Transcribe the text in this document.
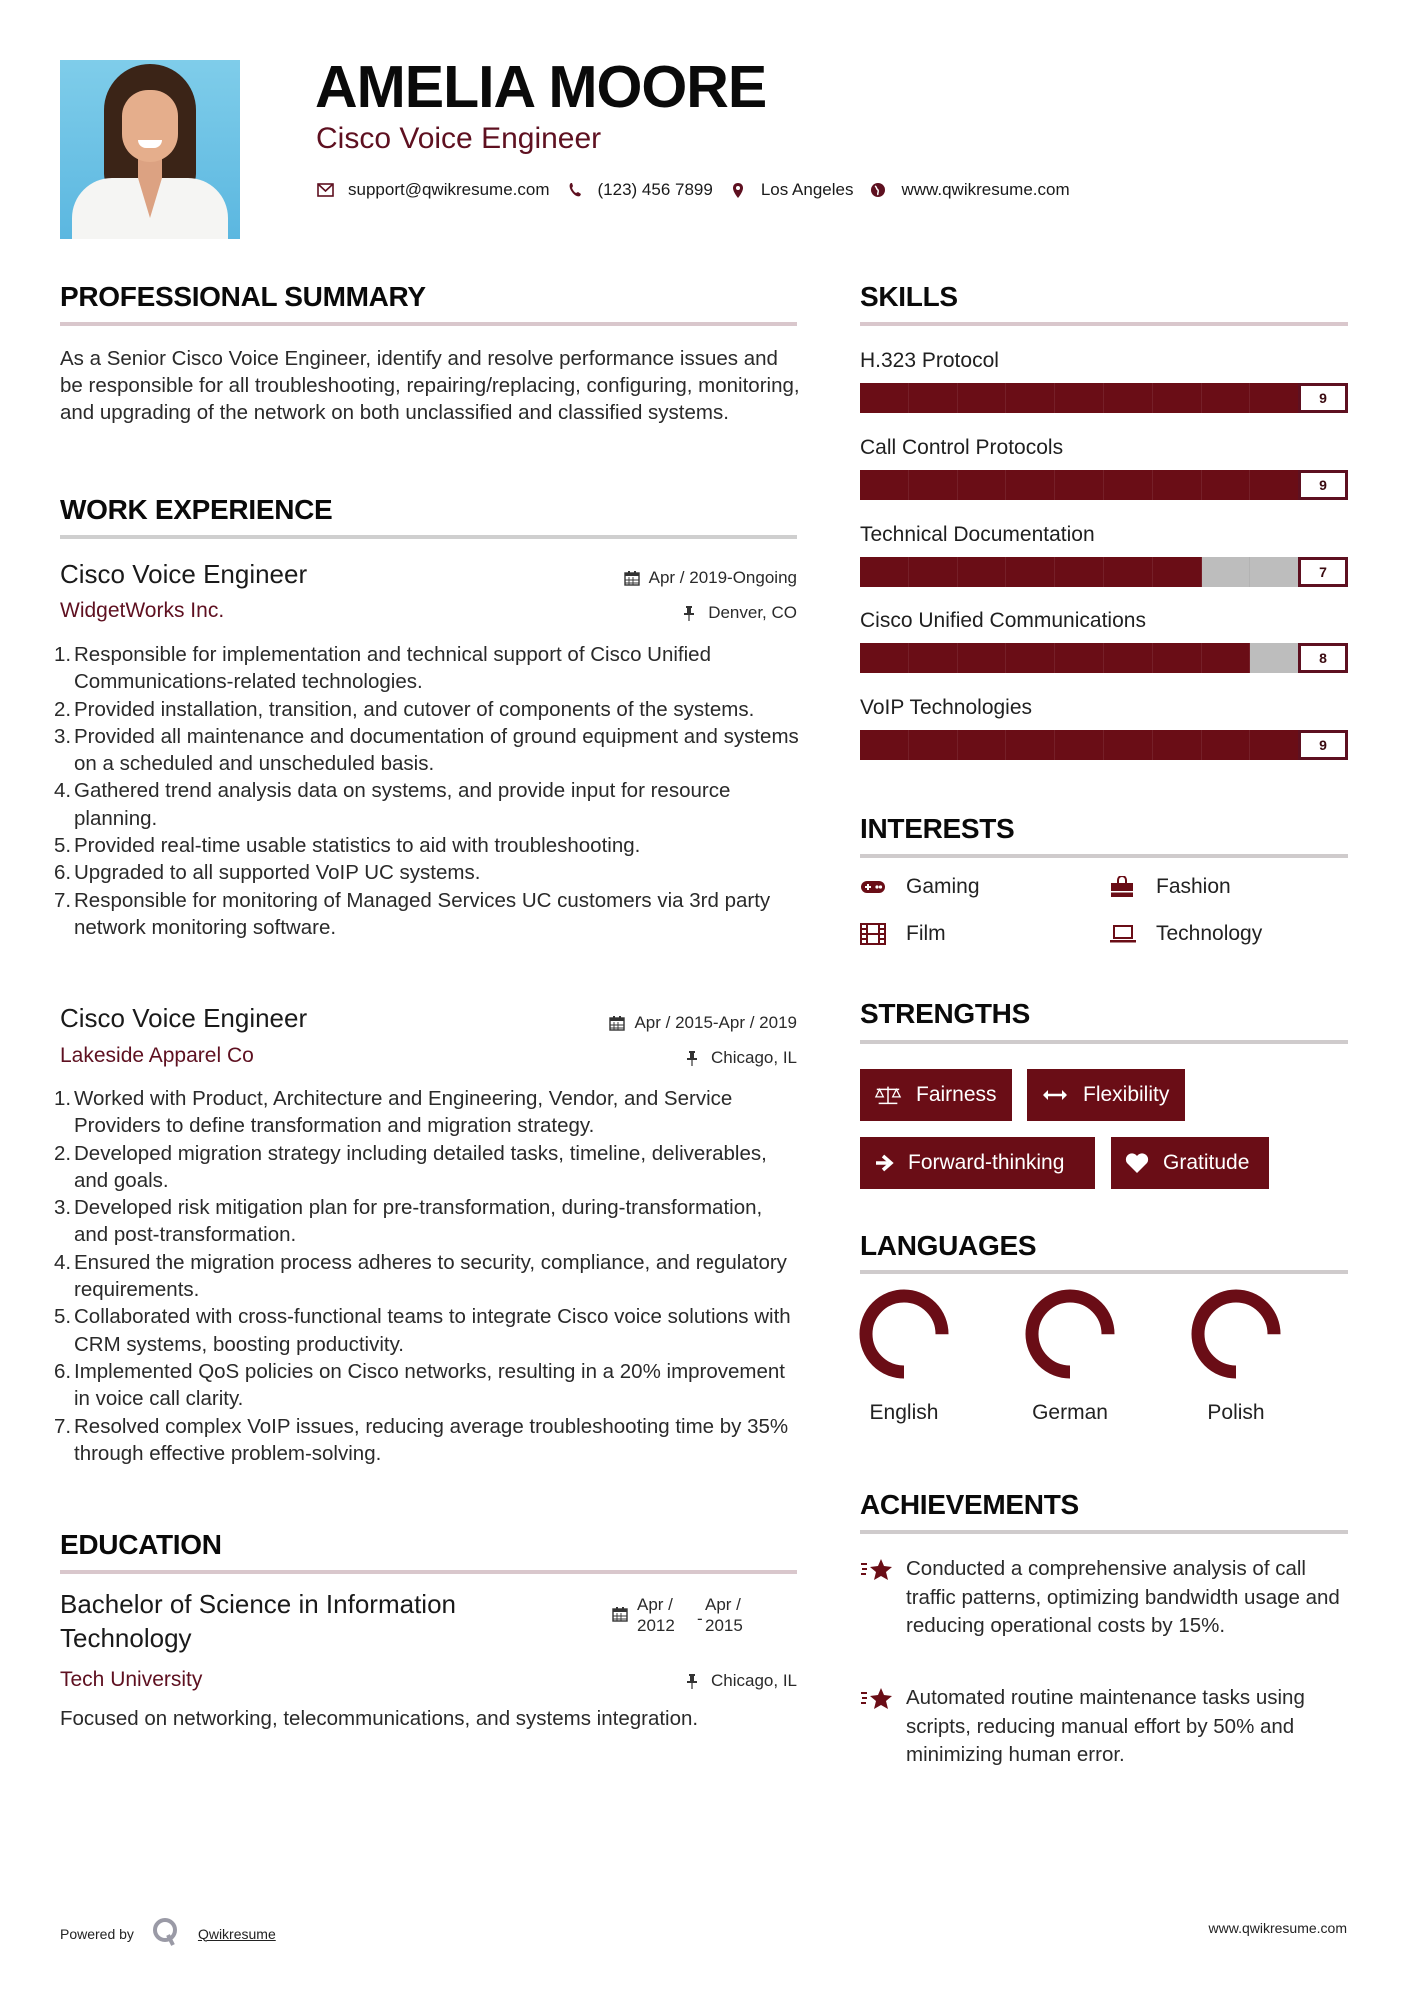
AMELIA MOORE
Cisco Voice Engineer
support@qwikresume.com	(123) 456 7899	Los Angeles	www.qwikresume.com
PROFESSIONAL SUMMARY
As a Senior Cisco Voice Engineer, identify and resolve performance issues and be responsible for all troubleshooting, repairing/replacing, configuring, monitoring, and upgrading of the network on both unclassified and classified systems.
WORK EXPERIENCE
Cisco Voice Engineer	Apr / 2019-Ongoing
WidgetWorks Inc.	Denver, CO
1. Responsible for implementation and technical support of Cisco Unified Communications-related technologies.
2. Provided installation, transition, and cutover of components of the systems.
3. Provided all maintenance and documentation of ground equipment and systems on a scheduled and unscheduled basis.
4. Gathered trend analysis data on systems, and provide input for resource planning.
5. Provided real-time usable statistics to aid with troubleshooting.
6. Upgraded to all supported VoIP UC systems.
7. Responsible for monitoring of Managed Services UC customers via 3rd party network monitoring software.
Cisco Voice Engineer	Apr / 2015-Apr / 2019
Lakeside Apparel Co	Chicago, IL
1. Worked with Product, Architecture and Engineering, Vendor, and Service Providers to define transformation and migration strategy.
2. Developed migration strategy including detailed tasks, timeline, deliverables, and goals.
3. Developed risk mitigation plan for pre-transformation, during-transformation, and post-transformation.
4. Ensured the migration process adheres to security, compliance, and regulatory requirements.
5. Collaborated with cross-functional teams to integrate Cisco voice solutions with CRM systems, boosting productivity.
6. Implemented QoS policies on Cisco networks, resulting in a 20% improvement in voice call clarity.
7. Resolved complex VoIP issues, reducing average troubleshooting time by 35% through effective problem-solving.
EDUCATION
Bachelor of Science in Information Technology
Apr /
2012	-
Apr /
2015
Tech University	Chicago, IL
Focused on networking, telecommunications, and systems integration.
SKILLS
H.323 Protocol
9
Call Control Protocols
9
Technical Documentation
7
Cisco Unified Communications
8
VoIP Technologies
9
INTERESTS
Gaming	Fashion
Film	Technology
STRENGTHS
Fairness	Flexibility
Forward-thinking	Gratitude
LANGUAGES
English	German	Polish
ACHIEVEMENTS
Conducted a comprehensive analysis of call traffic patterns, optimizing bandwidth usage and reducing operational costs by 15%.
Automated routine maintenance tasks using scripts, reducing manual effort by 50% and minimizing human error.
Powered by	Qwikresume	www.qwikresume.com
